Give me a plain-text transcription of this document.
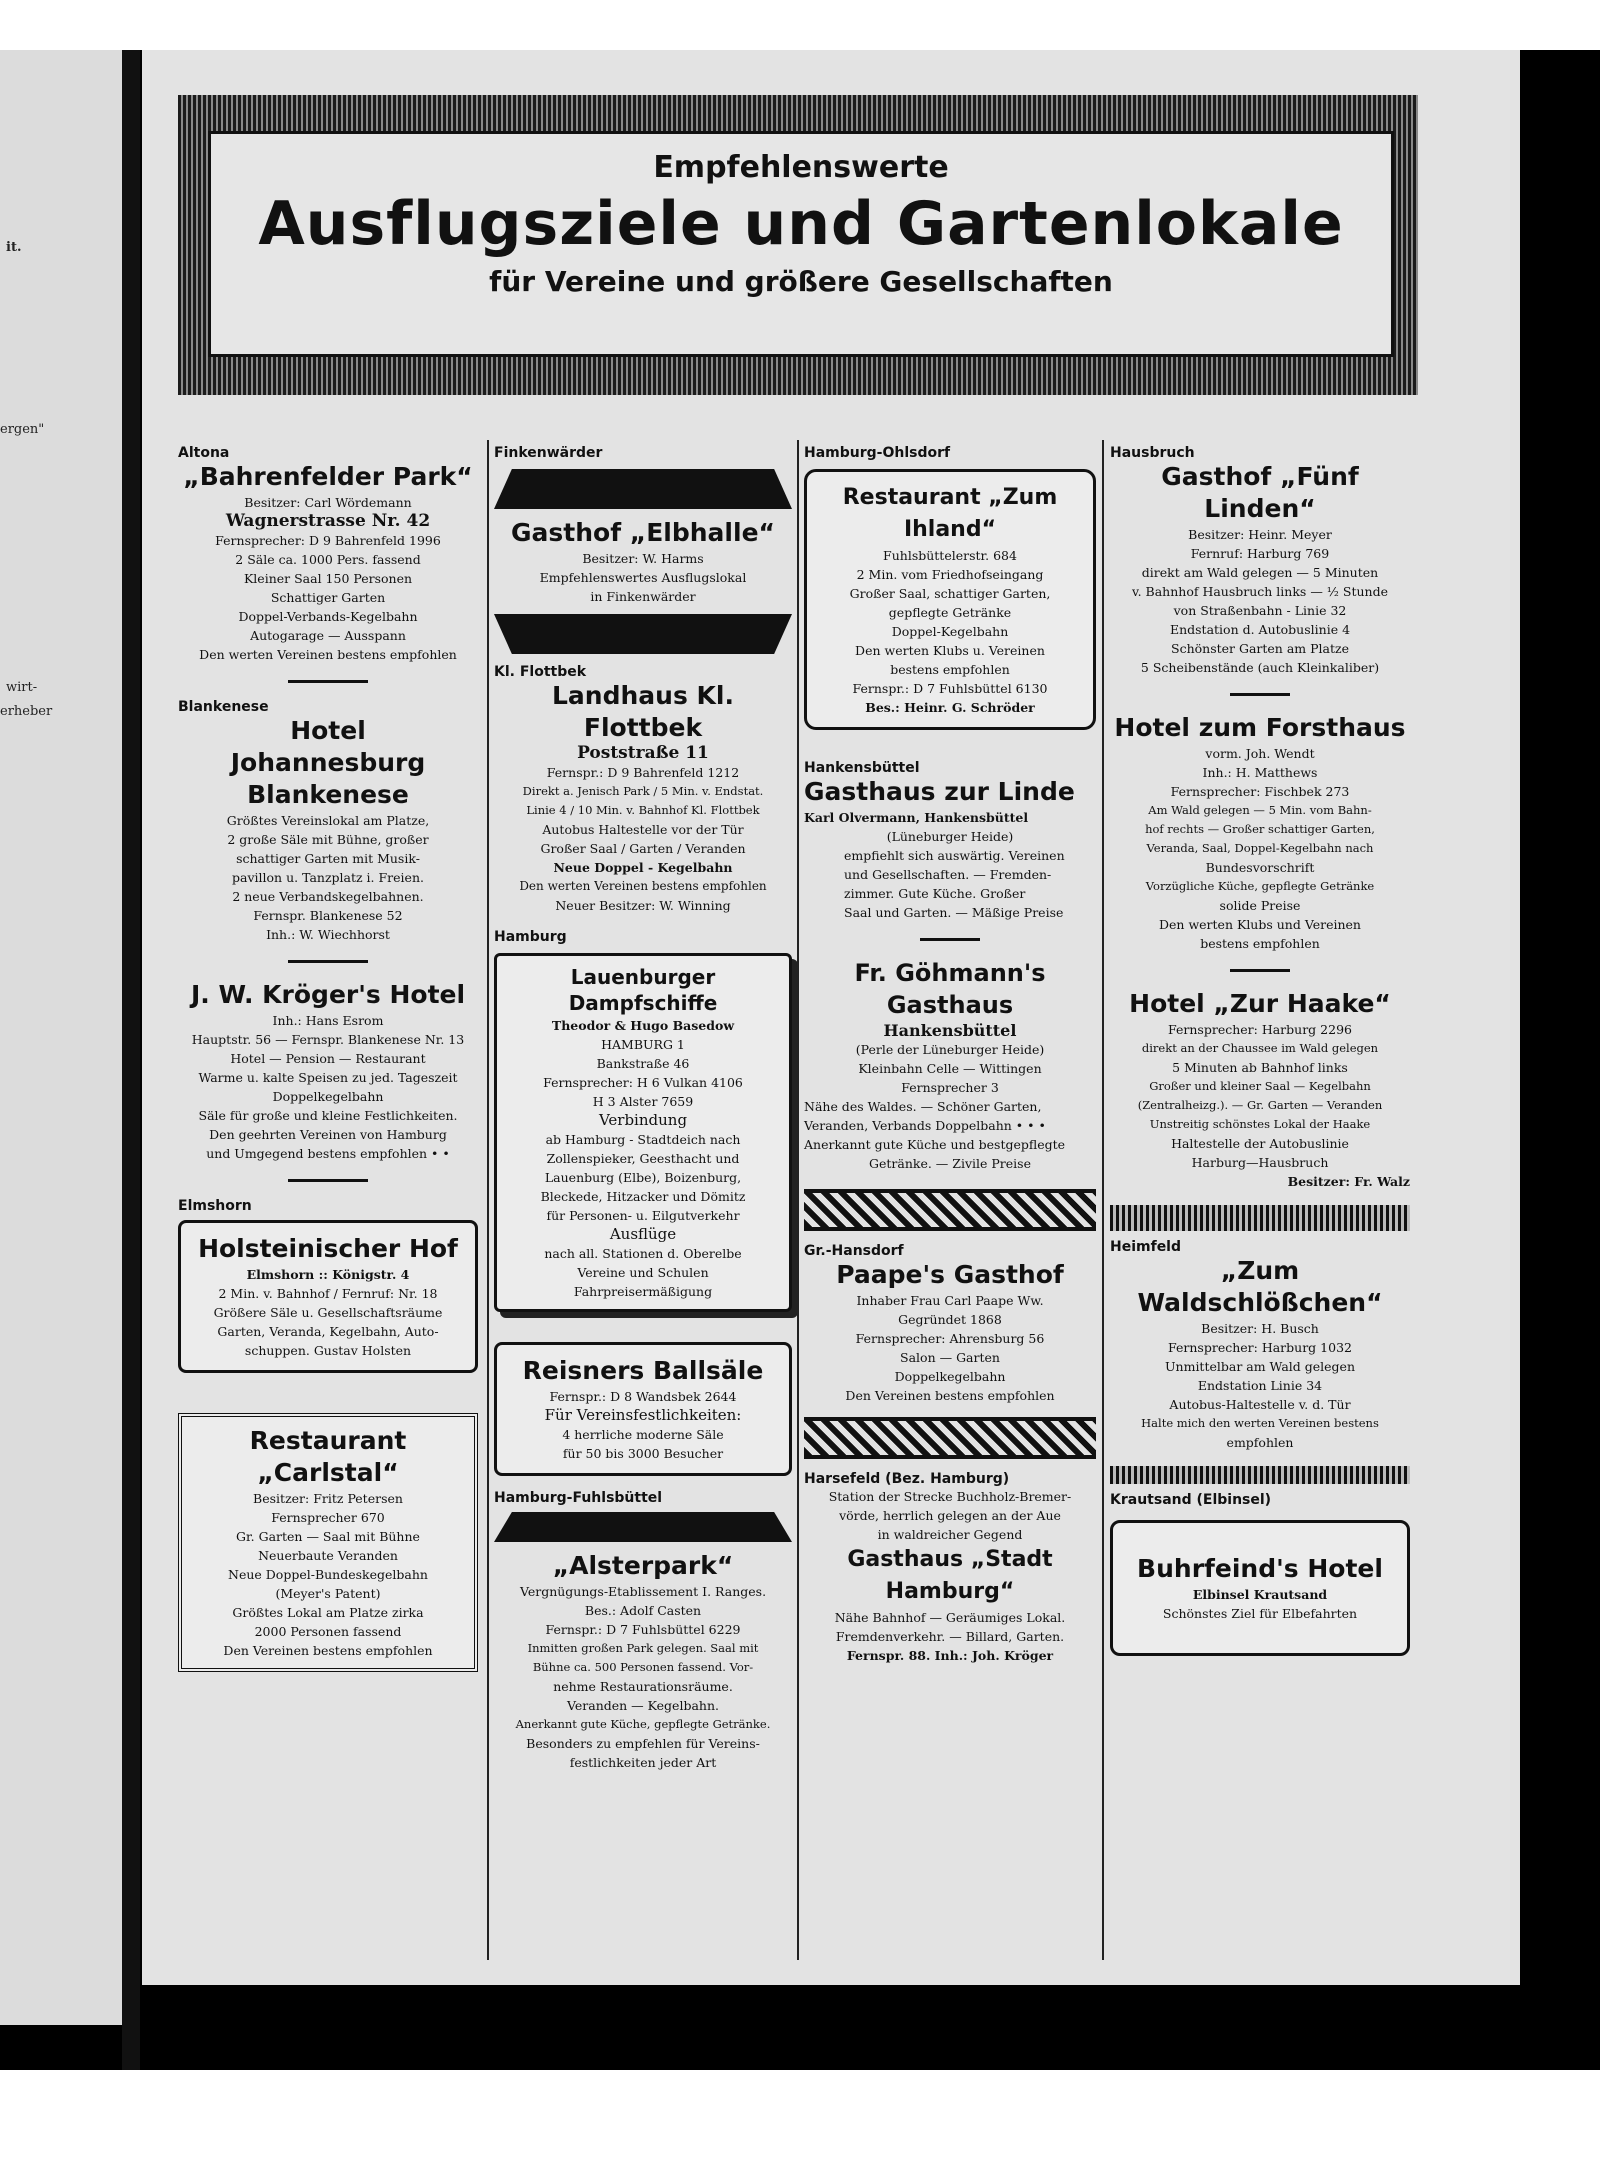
it.
ergen"
wirt-
erheber
Empfehlenswerte
Ausflugsziele und Gartenlokale
für Vereine und größere Gesellschaften
Altona
„Bahrenfelder Park“
Besitzer: Carl Wördemann
Wagnerstrasse Nr. 42
Fernsprecher: D 9 Bahrenfeld 1996
2 Säle ca. 1000 Pers. fassend
Kleiner Saal 150 Personen
Schattiger Garten
Doppel-Verbands-Kegelbahn
Autogarage — Ausspann
Den werten Vereinen bestens empfohlen
Blankenese
Hotel Johannesburg Blankenese
Größtes Vereinslokal am Platze,
2 große Säle mit Bühne, großer
schattiger Garten mit Musik-
pavillon u. Tanzplatz i. Freien.
2 neue Verbandskegelbahnen.
Fernspr. Blankenese 52
Inh.: W. Wiechhorst
J. W. Kröger's Hotel
Inh.: Hans Esrom
Hauptstr. 56 — Fernspr. Blankenese Nr. 13
Hotel — Pension — Restaurant
Warme u. kalte Speisen zu jed. Tageszeit
Doppelkegelbahn
Säle für große und kleine Festlichkeiten.
Den geehrten Vereinen von Hamburg
und Umgegend bestens empfohlen • •
Elmshorn
Holsteinischer Hof
Elmshorn :: Königstr. 4
2 Min. v. Bahnhof / Fernruf: Nr. 18
Größere Säle u. Gesellschaftsräume
Garten, Veranda, Kegelbahn, Auto-
schuppen. Gustav Holsten
Restaurant „Carlstal“
Besitzer: Fritz Petersen
Fernsprecher 670
Gr. Garten — Saal mit Bühne
Neuerbaute Veranden
Neue Doppel-Bundeskegelbahn
(Meyer's Patent)
Größtes Lokal am Platze zirka
2000 Personen fassend
Den Vereinen bestens empfohlen
Finkenwärder
Gasthof „Elbhalle“
Besitzer: W. Harms
Empfehlenswertes Ausflugslokal
in Finkenwärder
Kl. Flottbek
Landhaus Kl. Flottbek
Poststraße 11
Fernspr.: D 9 Bahrenfeld 1212
Direkt a. Jenisch Park / 5 Min. v. Endstat.
Linie 4 / 10 Min. v. Bahnhof Kl. Flottbek
Autobus Haltestelle vor der Tür
Großer Saal / Garten / Veranden
Neue Doppel - Kegelbahn
Den werten Vereinen bestens empfohlen
Neuer Besitzer: W. Winning
Hamburg
Lauenburger Dampfschiffe
Theodor & Hugo Basedow
HAMBURG 1
Bankstraße 46
Fernsprecher: H 6 Vulkan 4106
H 3 Alster 7659
Verbindung
ab Hamburg - Stadtdeich nach
Zollenspieker, Geesthacht und
Lauenburg (Elbe), Boizenburg,
Bleckede, Hitzacker und Dömitz
für Personen- u. Eilgutverkehr
Ausflüge
nach all. Stationen d. Oberelbe
Vereine und Schulen
Fahrpreisermäßigung
Reisners Ballsäle
Fernspr.: D 8 Wandsbek 2644
Für Vereinsfestlichkeiten:
4 herrliche moderne Säle
für 50 bis 3000 Besucher
Hamburg-Fuhlsbüttel
„Alsterpark“
Vergnügungs-Etablissement I. Ranges.
Bes.: Adolf Casten
Fernspr.: D 7 Fuhlsbüttel 6229
Inmitten großen Park gelegen. Saal mit
Bühne ca. 500 Personen fassend. Vor-
nehme Restaurationsräume.
Veranden — Kegelbahn.
Anerkannt gute Küche, gepflegte Getränke.
Besonders zu empfehlen für Vereins-
festlichkeiten jeder Art
Hamburg-Ohlsdorf
Restaurant „Zum Ihland“
Fuhlsbüttelerstr. 684
2 Min. vom Friedhofseingang
Großer Saal, schattiger Garten,
gepflegte Getränke
Doppel-Kegelbahn
Den werten Klubs u. Vereinen
bestens empfohlen
Fernspr.: D 7 Fuhlsbüttel 6130
Bes.: Heinr. G. Schröder
Hankensbüttel
Gasthaus zur Linde
Karl Olvermann, Hankensbüttel
(Lüneburger Heide)
empfiehlt sich auswärtig. Vereinen
und Gesellschaften. — Fremden-
zimmer. Gute Küche. Großer
Saal und Garten. — Mäßige Preise
Fr. Göhmann's Gasthaus
Hankensbüttel
(Perle der Lüneburger Heide)
Kleinbahn Celle — Wittingen
Fernsprecher 3
Nähe des Waldes. — Schöner Garten,
Veranden, Verbands Doppelbahn • • •
Anerkannt gute Küche und bestgepflegte
Getränke. — Zivile Preise
Gr.-Hansdorf
Paape's Gasthof
Inhaber Frau Carl Paape Ww.
Gegründet 1868
Fernsprecher: Ahrensburg 56
Salon — Garten
Doppelkegelbahn
Den Vereinen bestens empfohlen
Harsefeld (Bez. Hamburg)
Station der Strecke Buchholz-Bremer-
vörde, herrlich gelegen an der Aue
in waldreicher Gegend
Gasthaus „Stadt Hamburg“
Nähe Bahnhof — Geräumiges Lokal.
Fremdenverkehr. — Billard, Garten.
Fernspr. 88. Inh.: Joh. Kröger
Hausbruch
Gasthof „Fünf Linden“
Besitzer: Heinr. Meyer
Fernruf: Harburg 769
direkt am Wald gelegen — 5 Minuten
v. Bahnhof Hausbruch links — ½ Stunde
von Straßenbahn - Linie 32
Endstation d. Autobuslinie 4
Schönster Garten am Platze
5 Scheibenstände (auch Kleinkaliber)
Hotel zum Forsthaus
vorm. Joh. Wendt
Inh.: H. Matthews
Fernsprecher: Fischbek 273
Am Wald gelegen — 5 Min. vom Bahn-
hof rechts — Großer schattiger Garten,
Veranda, Saal, Doppel-Kegelbahn nach
Bundesvorschrift
Vorzügliche Küche, gepflegte Getränke
solide Preise
Den werten Klubs und Vereinen
bestens empfohlen
Hotel „Zur Haake“
Fernsprecher: Harburg 2296
direkt an der Chaussee im Wald gelegen
5 Minuten ab Bahnhof links
Großer und kleiner Saal — Kegelbahn
(Zentralheizg.). — Gr. Garten — Veranden
Unstreitig schönstes Lokal der Haake
Haltestelle der Autobuslinie
Harburg—Hausbruch
Besitzer: Fr. Walz
Heimfeld
„Zum Waldschlößchen“
Besitzer: H. Busch
Fernsprecher: Harburg 1032
Unmittelbar am Wald gelegen
Endstation Linie 34
Autobus-Haltestelle v. d. Tür
Halte mich den werten Vereinen bestens
empfohlen
Krautsand (Elbinsel)
Buhrfeind's Hotel
Elbinsel Krautsand
Schönstes Ziel für Elbefahrten
